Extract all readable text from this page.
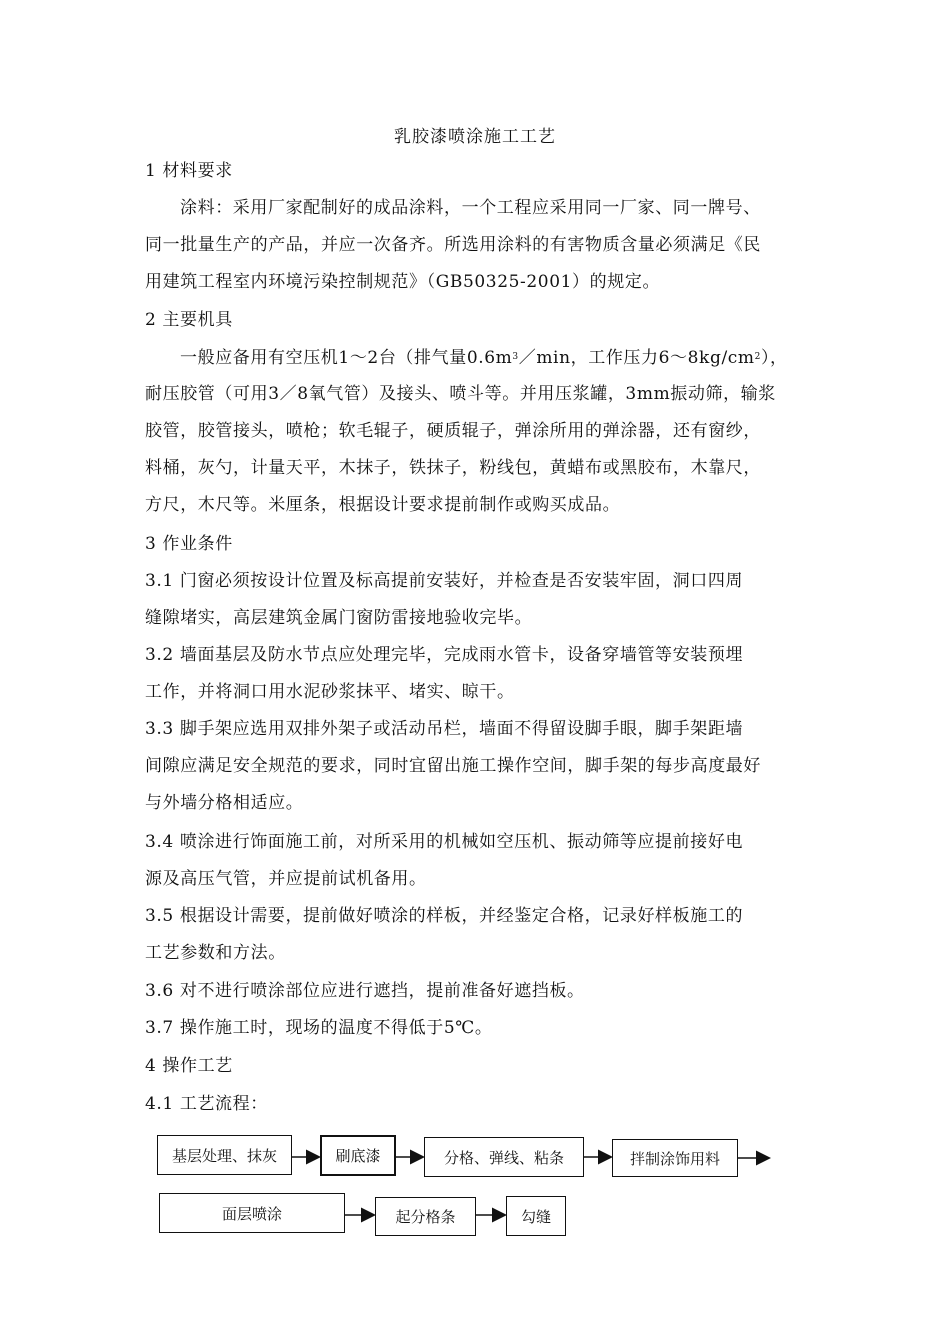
乳胶漆喷涂施工工艺
1 材料要求
涂料：采用厂家配制好的成品涂料，一个工程应采用同一厂家、同一牌号、
同一批量生产的产品，并应一次备齐。所选用涂料的有害物质含量必须满足《民
用建筑工程室内环境污染控制规范》（GB50325-2001）的规定。
2 主要机具
一般应备用有空压机1～2台（排气量$0.6m^3/\min$，工作压力$6\sim 8kg/cm^2$），
耐压胶管（可用3／8氧气管）及接头、喷斗等。并用压浆罐，3mm振动筛，输浆
胶管，胶管接头，喷枪；软毛辊子，硬质辊子，弹涂所用的弹涂器，还有窗纱，
料桶，灰勺，计量天平，木抹子，铁抹子，粉线包，黄蜡布或黑胶布，木靠尺，
方尺，木尺等。米厘条，根据设计要求提前制作或购买成品。
3 作业条件
3.1 门窗必须按设计位置及标高提前安装好，并检查是否安装牢固，洞口四周
缝隙堵实，高层建筑金属门窗防雷接地验收完毕。
3.2 墙面基层及防水节点应处理完毕，完成雨水管卡，设备穿墙管等安装预埋
工作，并将洞口用水泥砂浆抹平、堵实、晾干。
3.3 脚手架应选用双排外架子或活动吊栏，墙面不得留设脚手眼，脚手架距墙
间隙应满足安全规范的要求，同时宜留出施工操作空间，脚手架的每步高度最好
与外墙分格相适应。
3.4 喷涂进行饰面施工前，对所采用的机械如空压机、振动筛等应提前接好电
源及高压气管，并应提前试机备用。
3.5 根据设计需要，提前做好喷涂的样板，并经鉴定合格，记录好样板施工的
工艺参数和方法。
3.6 对不进行喷涂部位应进行遮挡，提前准备好遮挡板。
3.7 操作施工时，现场的温度不得低于5℃。
4 操作工艺
4.1 工艺流程：
基层处理、抹灰	刷底漆	分格、弹线、粘条	拌制涂饰用料
面层喷涂	起分格条	勾缝
